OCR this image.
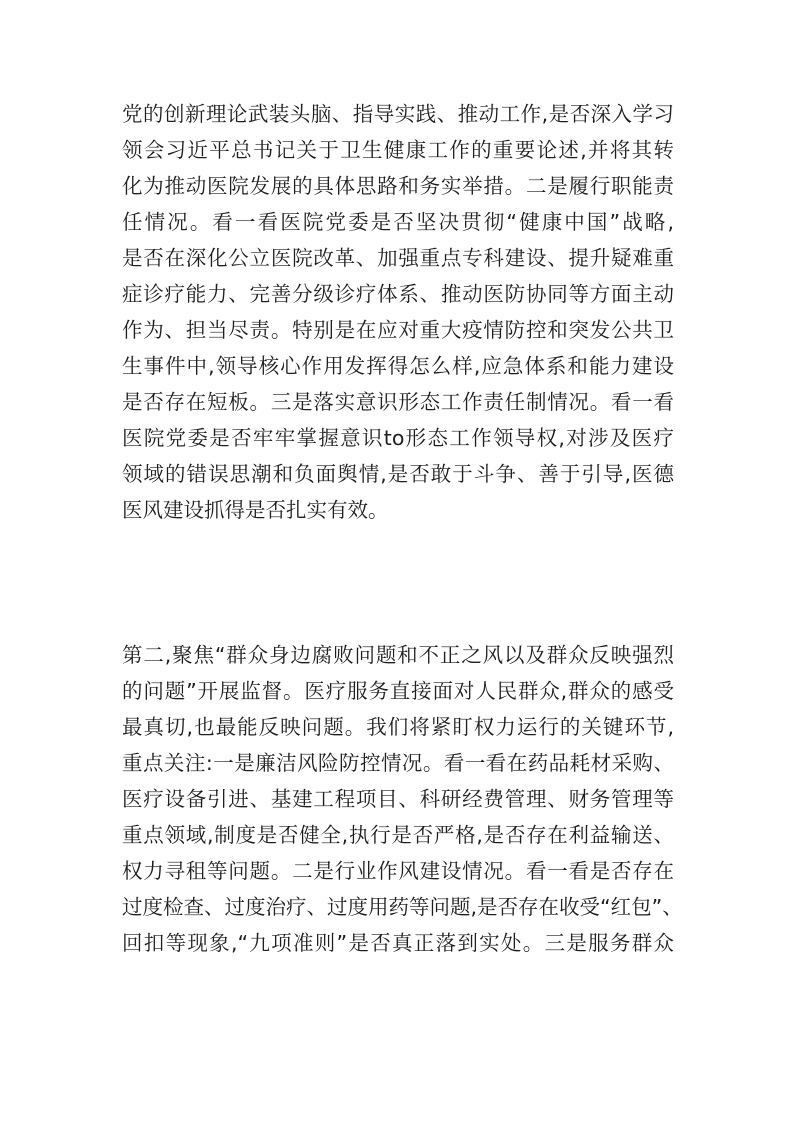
党的创新理论武装头脑、指导实践、推动工作,是否深入学习
领会习近平总书记关于卫生健康工作的重要论述,并将其转
化为推动医院发展的具体思路和务实举措。二是履行职能责
任情况。看一看医院党委是否坚决贯彻“健康中国”战略,
是否在深化公立医院改革、加强重点专科建设、提升疑难重
症诊疗能力、完善分级诊疗体系、推动医防协同等方面主动
作为、担当尽责。特别是在应对重大疫情防控和突发公共卫
生事件中,领导核心作用发挥得怎么样,应急体系和能力建设
是否存在短板。三是落实意识形态工作责任制情况。看一看
医院党委是否牢牢掌握意识to形态工作领导权,对涉及医疗
领域的错误思潮和负面舆情,是否敢于斗争、善于引导,医德
医风建设抓得是否扎实有效。
第二,聚焦“群众身边腐败问题和不正之风以及群众反映强烈
的问题”开展监督。医疗服务直接面对人民群众,群众的感受
最真切,也最能反映问题。我们将紧盯权力运行的关键环节,
重点关注:一是廉洁风险防控情况。看一看在药品耗材采购、
医疗设备引进、基建工程项目、科研经费管理、财务管理等
重点领域,制度是否健全,执行是否严格,是否存在利益输送、
权力寻租等问题。二是行业作风建设情况。看一看是否存在
过度检查、过度治疗、过度用药等问题,是否存在收受“红包”、
回扣等现象,“九项准则”是否真正落到实处。三是服务群众
